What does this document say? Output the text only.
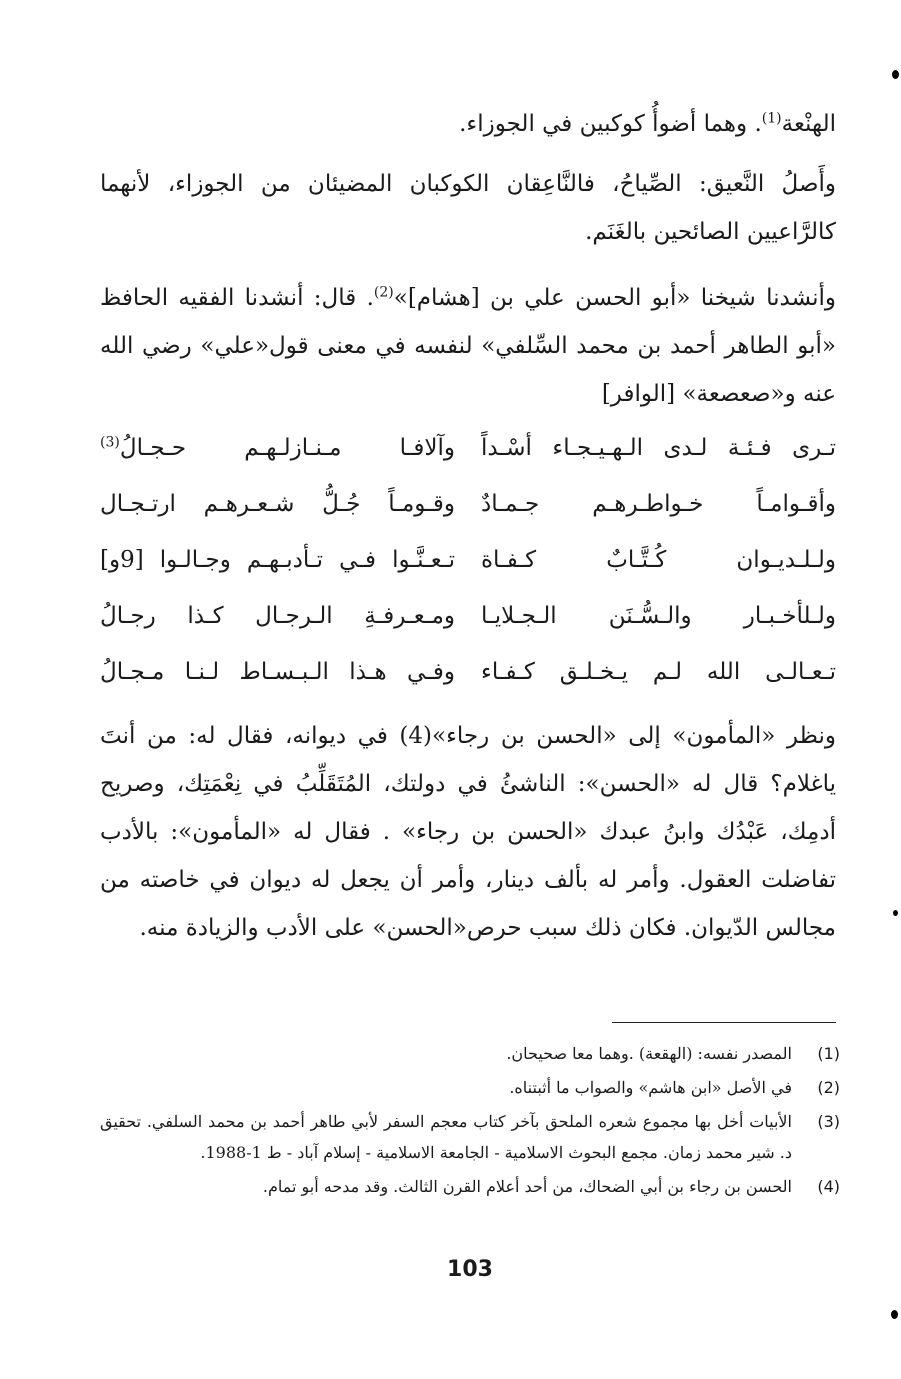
الهنْعة$^{(1)}$. وهما أضوأُ كوكبين في الجوزاء.

وأَصلُ النَّعيق: الصِّياحُ، فالنَّاعِقان الكوكبان المضيئان من الجوزاء، لأنهما كالرَّاعيين الصائحين بالغَنَم.

وأنشدنا شيخنا «أبو الحسن علي بن [هشام]»$^{(2)}$. قال: أنشدنا الفقيه الحافظ «أبو الطاهر أحمد بن محمد السِّلفي» لنفسه في معنى قول«علي» رضي الله عنه و«صعصعة» [الوافر]

تـرى فـئـة لـدى الـهـيـجـاء أسْـداً
وآلافـا مـنـازلـهـم حـجـالُ$^{(3)}$
وأقـوامـاً خـواطـرهـم جـمـادٌ
وقـومـاً جُـلُّ شـعـرهـم ارتـجـال
ولـلـديـوان كُـتَّـابٌ كـفـاة
تـعـنَّـوا فـي تـأدبـهـم وجـالـوا [9و]
ولـلأخـبـار والـسُّـنَن الـجـلايـا
ومـعـرفـةِ الـرجـال كـذا رجـالُ
تـعـالـى الله لـم يـخـلـق كـفـاء
وفـي هـذا الـبـسـاط لـنـا مـجـالُ

ونظر «المأمون» إلى «الحسن بن رجاء»(4) في ديوانه، فقال له: من أنتَ ياغلام؟ قال له «الحسن»: الناشئُ في دولتك، المُتَقَلِّبُ في نِعْمَتِك، وصريح أدمِك، عَبْدُك وابنُ عبدك «الحسن بن رجاء» . فقال له «المأمون»: بالأدب تفاضلت العقول. وأمر له بألف دينار، وأمر أن يجعل له ديوان في خاصته من مجالس الدّيوان. فكان ذلك سبب حرص«الحسن» على الأدب والزيادة منه.

(1)
المصدر نفسه: (الهقعة) .وهما معا صحيحان.
(2)
في الأصل «ابن هاشم» والصواب ما أثبتناه.
(3)
الأبيات أخل بها مجموع شعره الملحق بآخر كتاب معجم السفر لأبي طاهر أحمد بن محمد السلفي. تحقيق د. شير محمد زمان. مجمع البحوث الاسلامية - الجامعة الاسلامية - إسلام آباد - ط 1-1988.
(4)
الحسن بن رجاء بن أبي الضحاك، من أحد أعلام القرن الثالث. وقد مدحه أبو تمام.
103
